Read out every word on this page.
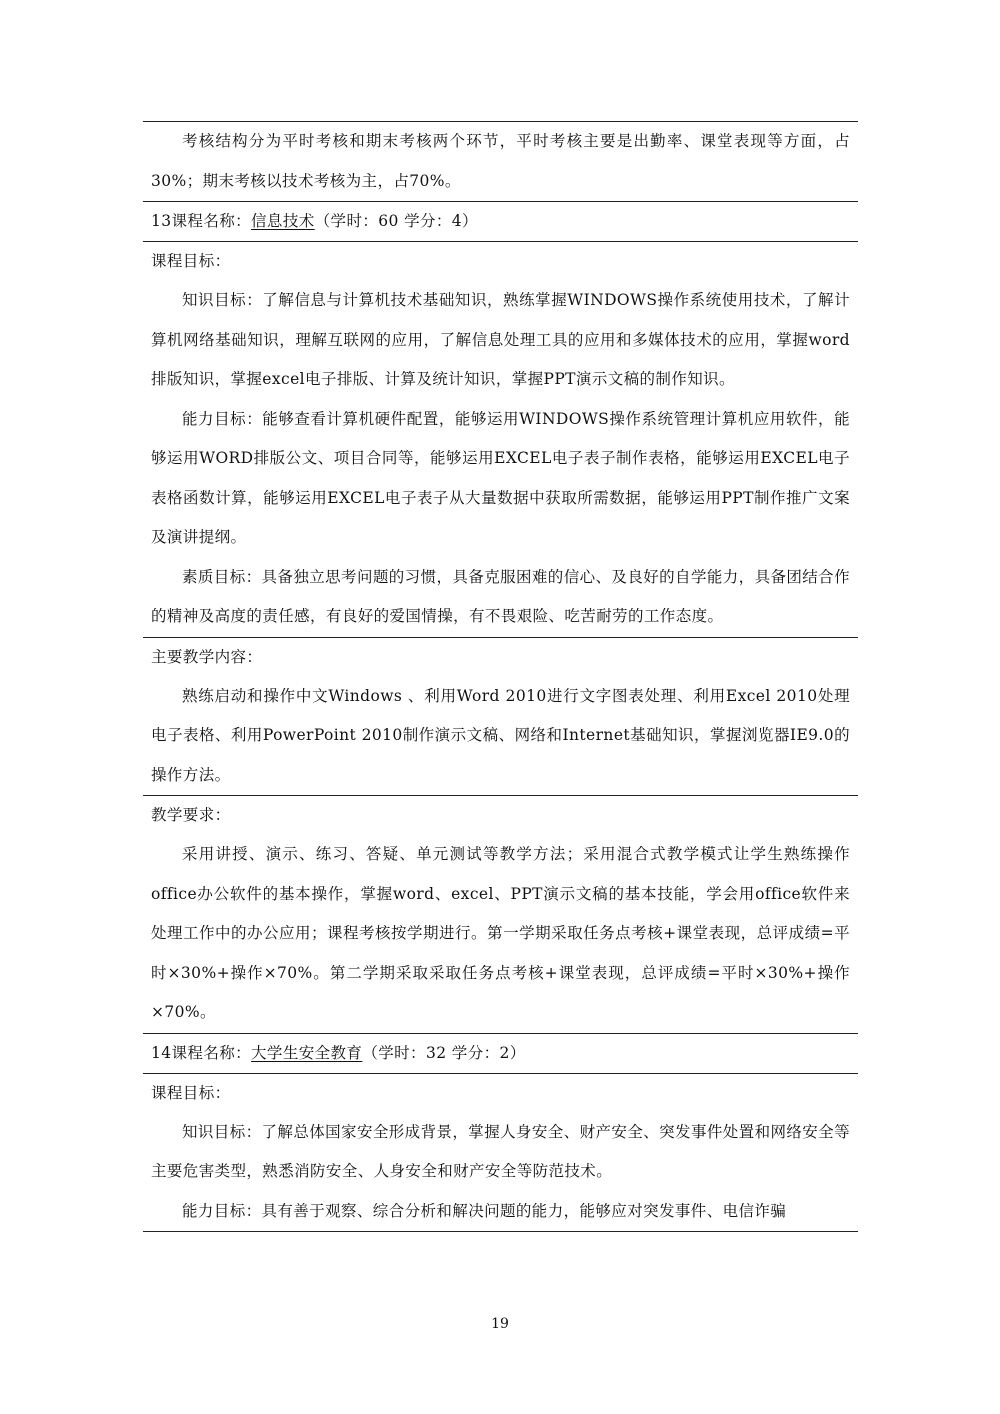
考核结构分为平时考核和期末考核两个环节，平时考核主要是出勤率、课堂表现等方面，占30%；期末考核以技术考核为主，占70%。

13课程名称：信息技术（学时：60 学分：4）

课程目标：

知识目标：了解信息与计算机技术基础知识，熟练掌握WINDOWS操作系统使用技术，了解计算机网络基础知识，理解互联网的应用，了解信息处理工具的应用和多媒体技术的应用，掌握word排版知识，掌握excel电子排版、计算及统计知识，掌握PPT演示文稿的制作知识。

能力目标：能够查看计算机硬件配置，能够运用WINDOWS操作系统管理计算机应用软件，能够运用WORD排版公文、项目合同等，能够运用EXCEL电子表子制作表格，能够运用EXCEL电子表格函数计算，能够运用EXCEL电子表子从大量数据中获取所需数据，能够运用PPT制作推广文案及演讲提纲。

素质目标：具备独立思考问题的习惯，具备克服困难的信心、及良好的自学能力，具备团结合作的精神及高度的责任感，有良好的爱国情操，有不畏艰险、吃苦耐劳的工作态度。

主要教学内容：

熟练启动和操作中文Windows 、利用Word 2010进行文字图表处理、利用Excel 2010处理电子表格、利用PowerPoint 2010制作演示文稿、网络和Internet基础知识，掌握浏览器IE9.0的操作方法。

教学要求：

采用讲授、演示、练习、答疑、单元测试等教学方法；采用混合式教学模式让学生熟练操作office办公软件的基本操作，掌握word、excel、PPT演示文稿的基本技能，学会用office软件来处理工作中的办公应用；课程考核按学期进行。第一学期采取任务点考核+课堂表现，总评成绩=平时×30%+操作×70%。第二学期采取采取任务点考核+课堂表现，总评成绩=平时×30%+操作×70%。

14课程名称：大学生安全教育（学时：32 学分：2）

课程目标：

知识目标：了解总体国家安全形成背景，掌握人身安全、财产安全、突发事件处置和网络安全等主要危害类型，熟悉消防安全、人身安全和财产安全等防范技术。

能力目标：具有善于观察、综合分析和解决问题的能力，能够应对突发事件、电信诈骗

19
